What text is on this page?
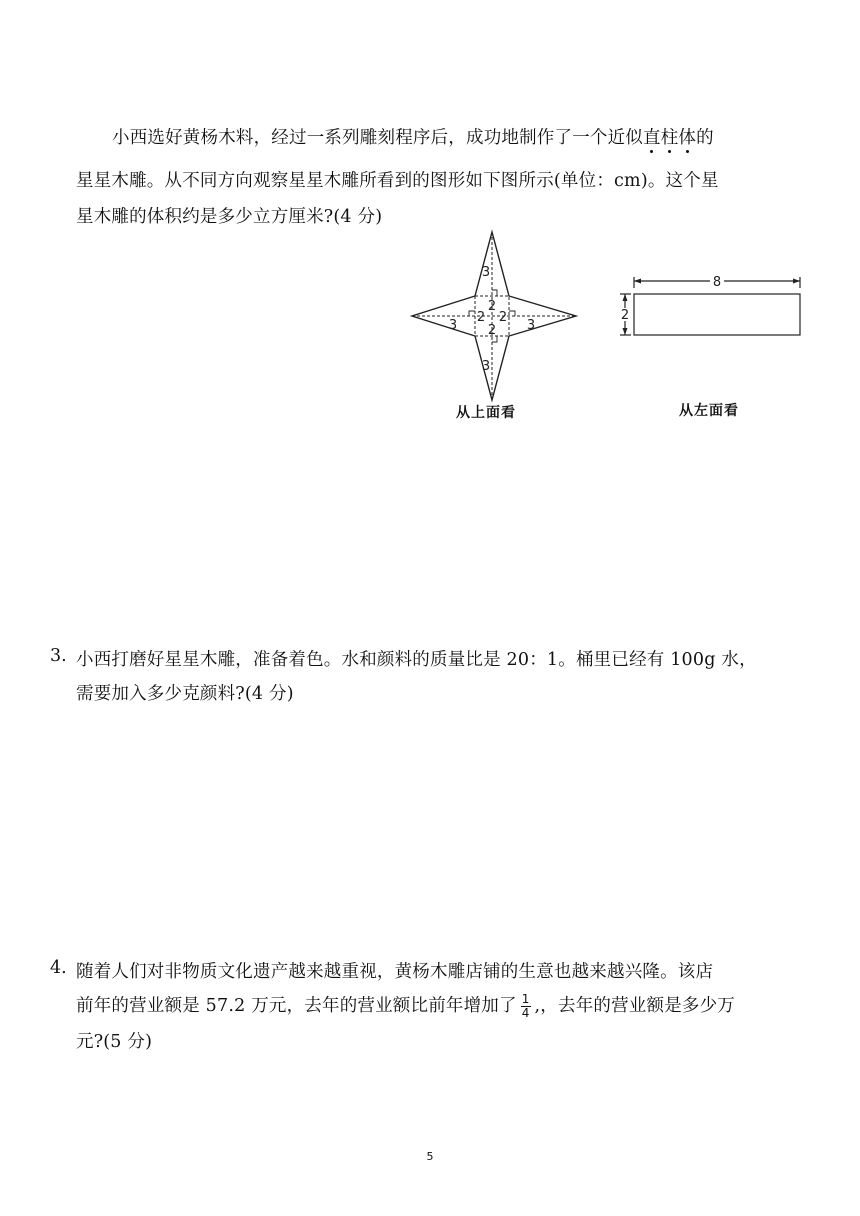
小西选好黄杨木料，经过一系列雕刻程序后，成功地制作了一个近似直柱体的
星星木雕。从不同方向观察星星木雕所看到的图形如下图所示(单位：cm)。这个星
星木雕的体积约是多少立方厘米?(4 分)
3
3	3
3
2
2 2
2
从上面看
8
2
从左面看
3. 小西打磨好星星木雕，准备着色。水和颜料的质量比是 20：1。桶里已经有 100g 水，
需要加入多少克颜料?(4 分)
4. 随着人们对非物质文化遗产越来越重视，黄杨木雕店铺的生意也越来越兴隆。该店
前年的营业额是 57.2 万元，去年的营业额比前年增加了 $\frac{1}{4}$ ,，去年的营业额是多少万
元?(5 分)
5
